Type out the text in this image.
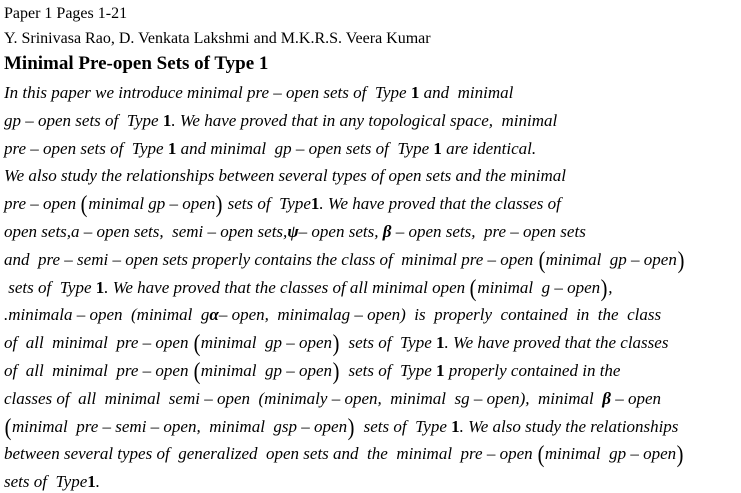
Paper 1 Pages 1-21
Y. Srinivasa Rao, D. Venkata Lakshmi and M.K.R.S. Veera Kumar
Minimal Pre-open Sets of Type 1
In this paper we introduce minimal pre – open sets of  Type 1 and  minimal
gp – open sets of  Type 1. We have proved that in any topological space,  minimal
pre – open sets of  Type 1 and minimal  gp – open sets of  Type 1 are identical.
We also study the relationships between several types of open sets and the minimal
pre – open (minimal gp – open) sets of  Type1. We have proved that the classes of
open sets,a – open sets,  semi – open sets,ψ– open sets, β – open sets,  pre – open sets
and  pre – semi – open sets properly contains the class of  minimal pre – open (minimal  gp – open)
sets of  Type 1. We have proved that the classes of all minimal open (minimal  g – open),
.minimala – open  (minimal  gα– open,  minimalag – open)  is  properly  contained  in  the  class
of  all  minimal  pre – open (minimal  gp – open)  sets of  Type 1. We have proved that the classes
of  all  minimal  pre – open (minimal  gp – open)  sets of  Type 1 properly contained in the
classes of  all  minimal  semi – open  (minimaly – open,  minimal  sg – open),  minimal  β – open
(minimal  pre – semi – open,  minimal  gsp – open)  sets of  Type 1. We also study the relationships
between several types of  generalized  open sets and  the  minimal  pre – open (minimal  gp – open)
sets of  Type1.
